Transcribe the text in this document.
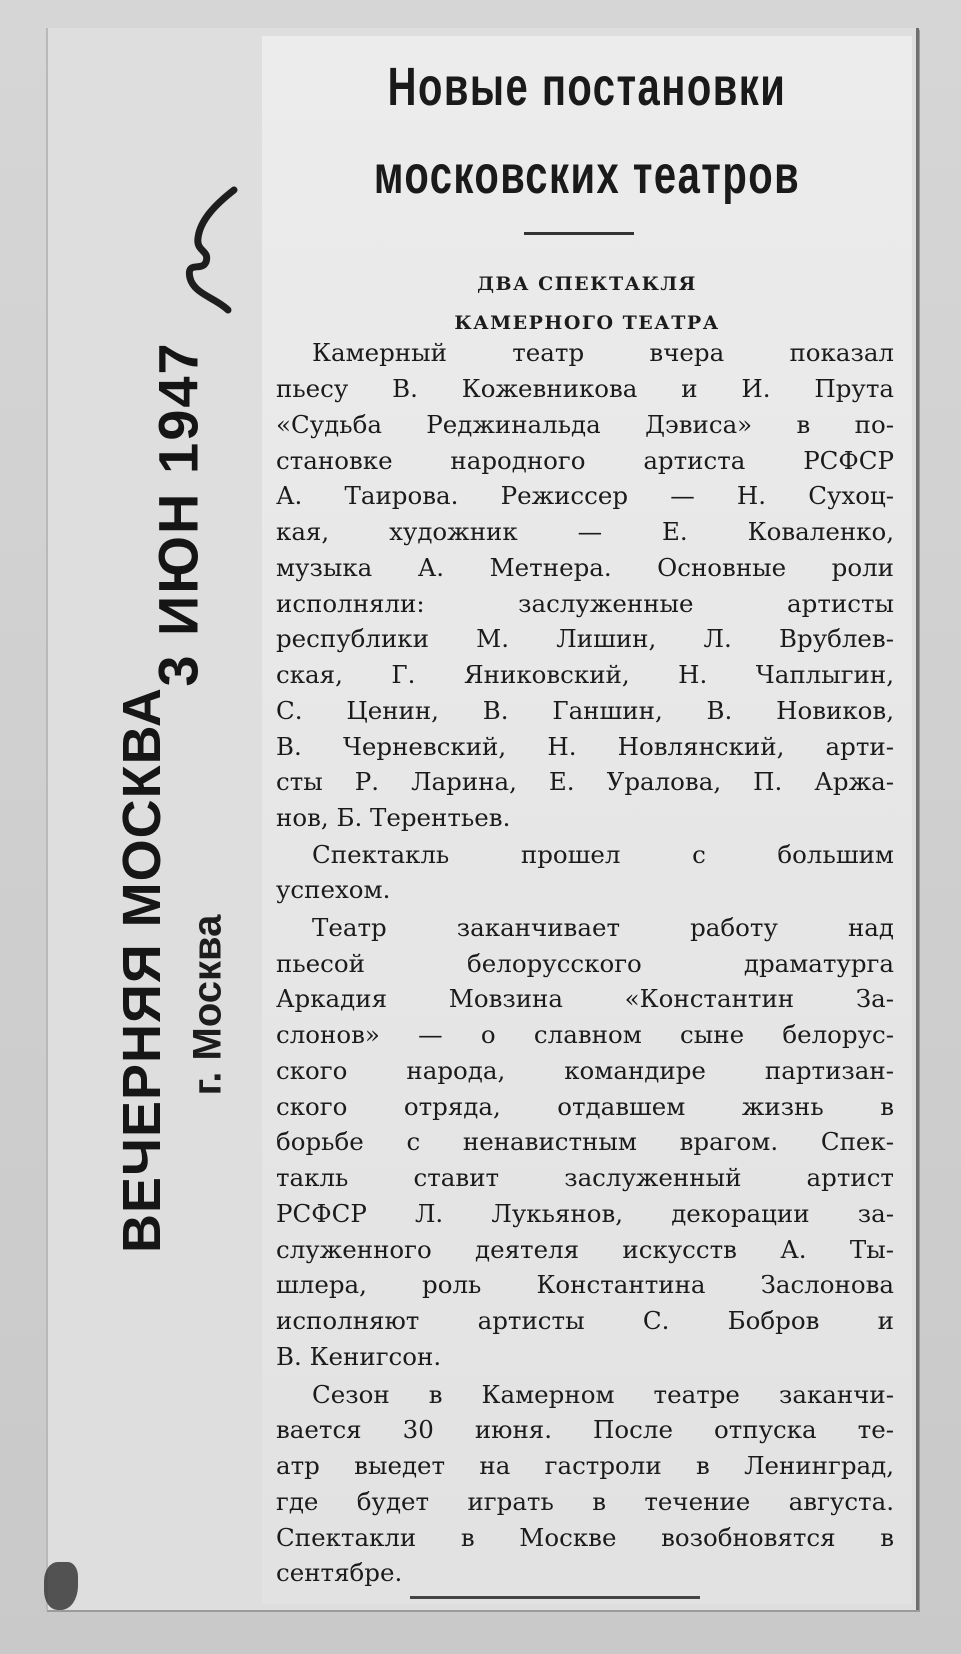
3 ИЮН 1947
ВЕЧЕРНЯЯ МОСКВА г. Москва
Новые постановки
московских театров
ДВА СПЕКТАКЛЯ
КАМЕРНОГО ТЕАТРА
Камерный театр вчера показал
пьесу В. Кожевникова и И. Прута
«Судьба Реджинальда Дэвиса» в по-
становке народного артиста РСФСР
А. Таирова. Режиссер — Н. Сухоц-
кая, художник — Е. Коваленко,
музыка А. Метнера. Основные роли
исполняли: заслуженные артисты
республики М. Лишин, Л. Врублев-
ская, Г. Яниковский, Н. Чаплыгин,
С. Ценин, В. Ганшин, В. Новиков,
В. Черневский, Н. Новлянский, арти-
сты Р. Ларина, Е. Уралова, П. Аржа-
нов, Б. Терентьев.
Спектакль прошел с большим
успехом.
Театр заканчивает работу над
пьесой белорусского драматурга
Аркадия Мовзина «Константин За-
слонов» — о славном сыне белорус-
ского народа, командире партизан-
ского отряда, отдавшем жизнь в
борьбе с ненавистным врагом. Спек-
такль ставит заслуженный артист
РСФСР Л. Лукьянов, декорации за-
служенного деятеля искусств А. Ты-
шлера, роль Константина Заслонова
исполняют артисты С. Бобров и
В. Кенигсон.
Сезон в Камерном театре заканчи-
вается 30 июня. После отпуска те-
атр выедет на гастроли в Ленинград,
где будет играть в течение августа.
Спектакли в Москве возобновятся в
сентябре.
